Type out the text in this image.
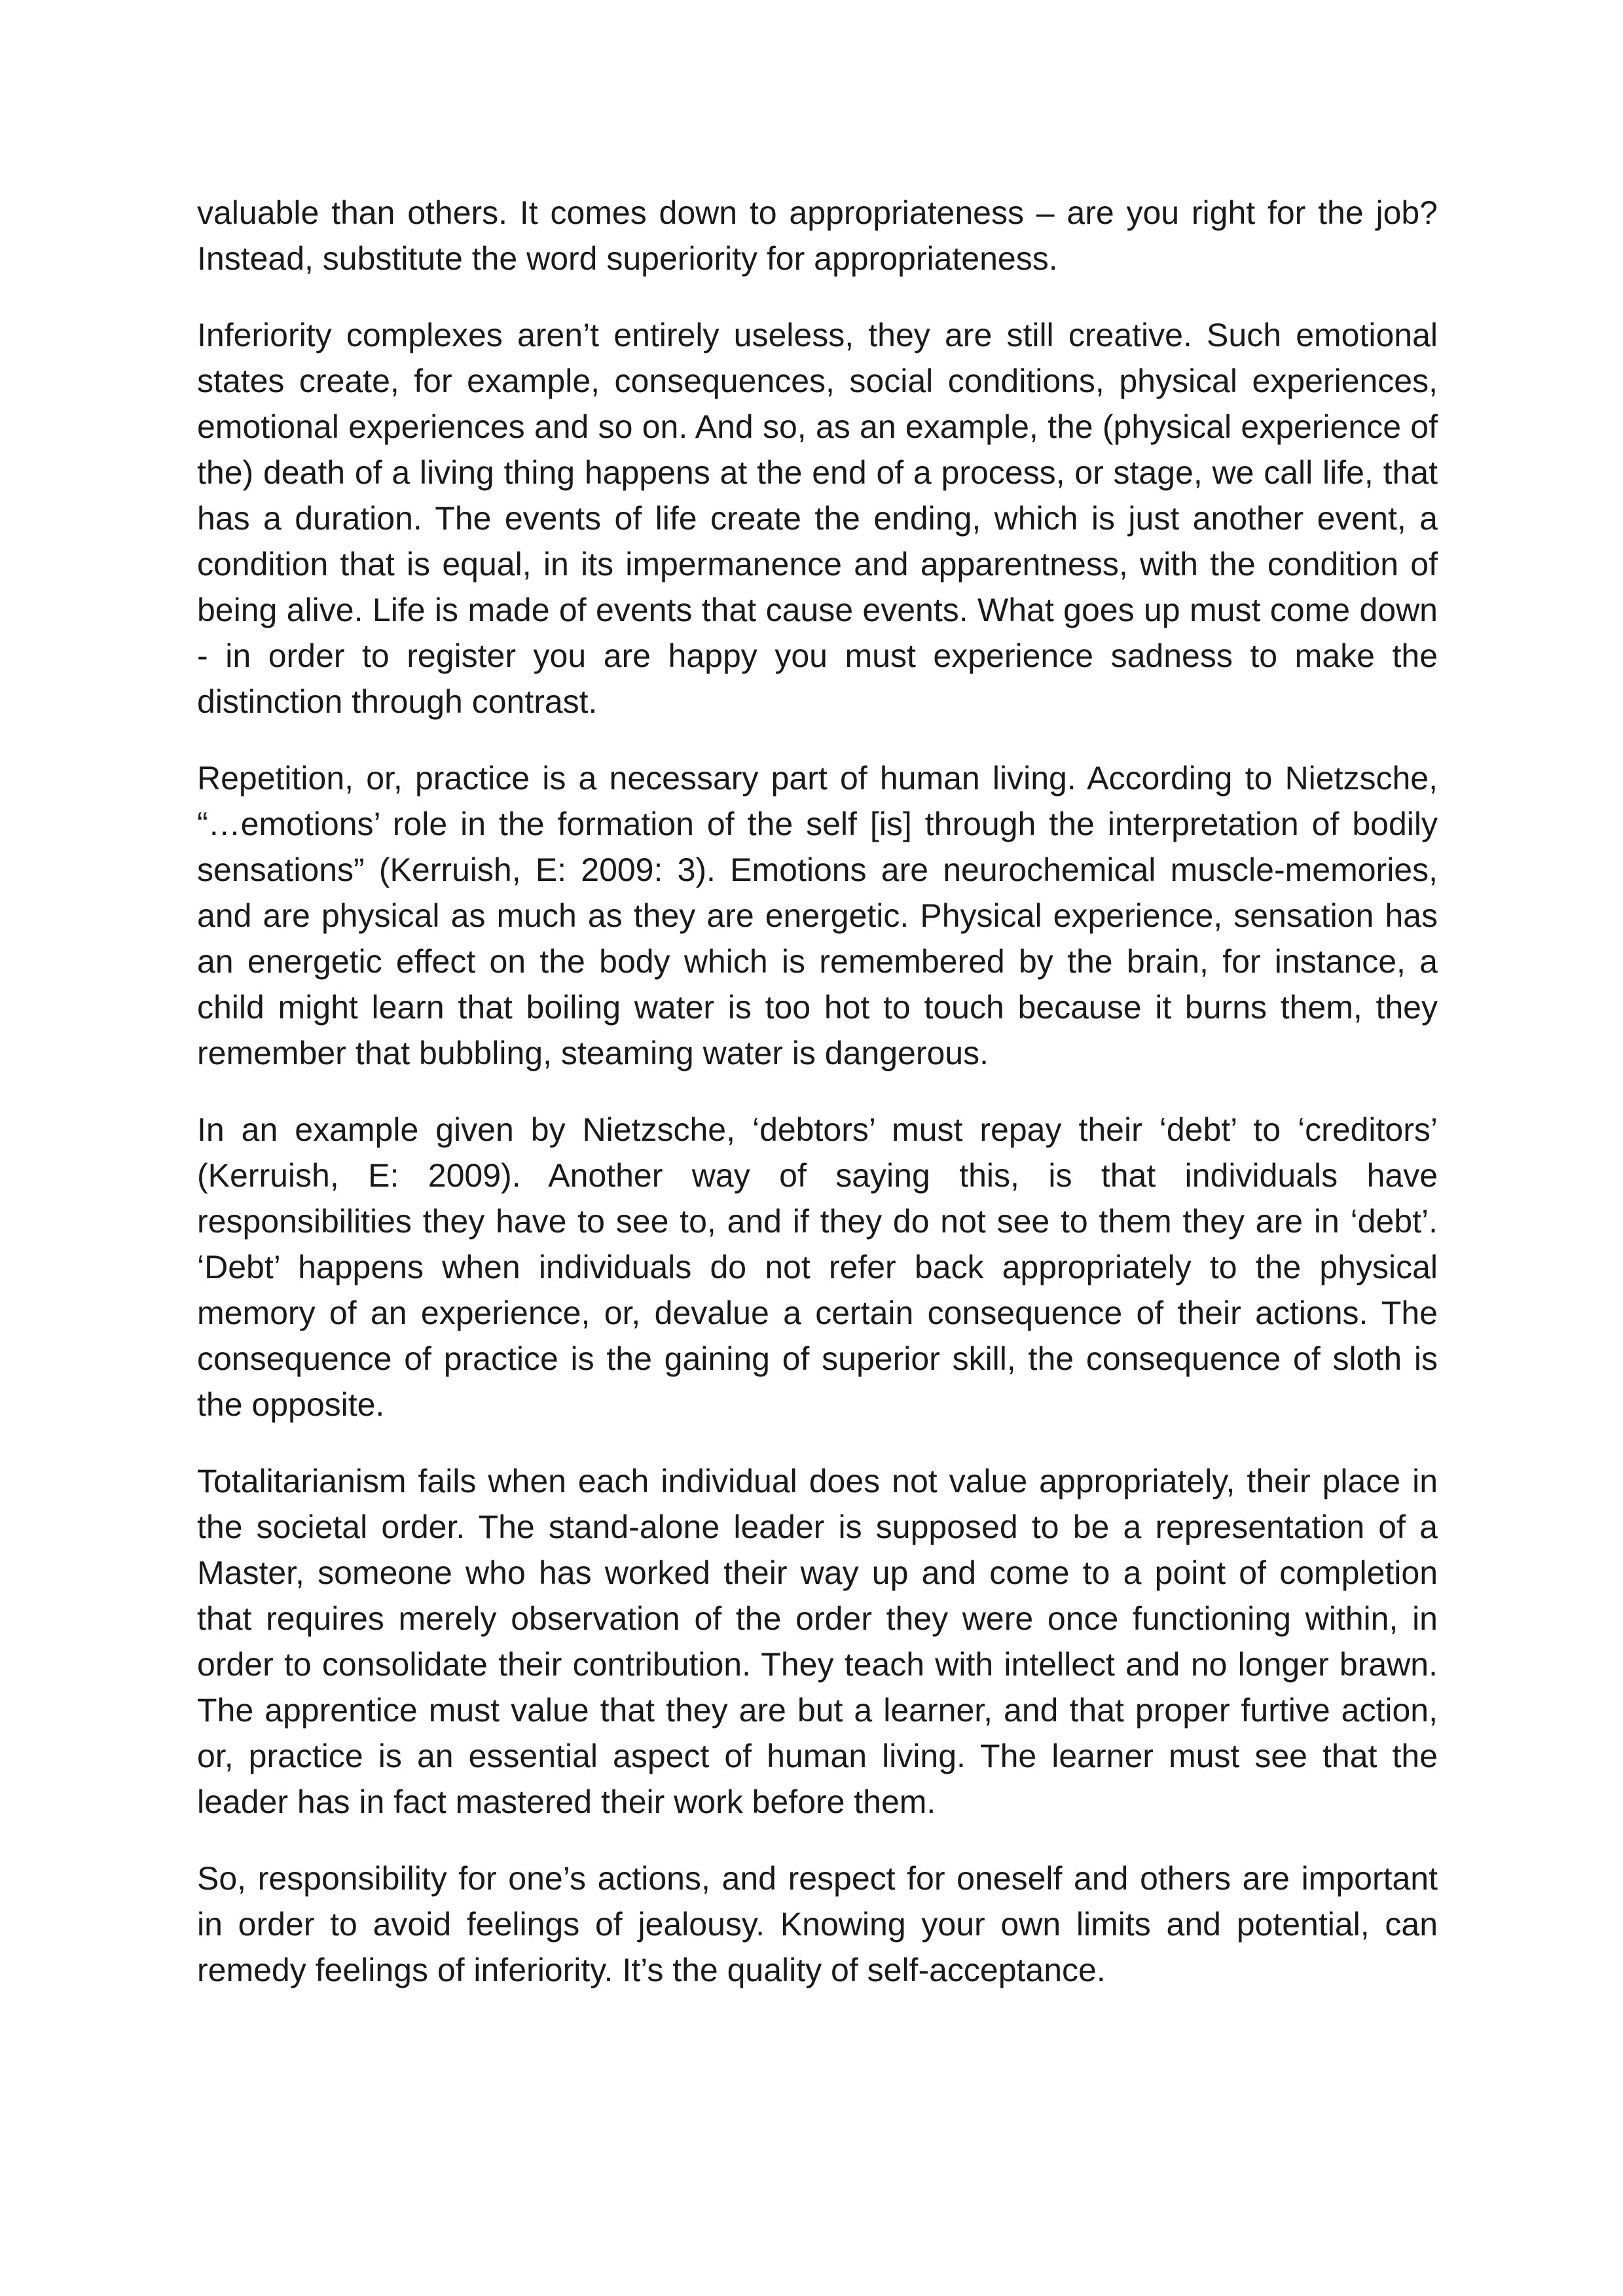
valuable than others. It comes down to appropriateness – are you right for the job? Instead, substitute the word superiority for appropriateness.

Inferiority complexes aren’t entirely useless, they are still creative. Such emotional states create, for example, consequences, social conditions, physical experiences, emotional experiences and so on. And so, as an example, the (physical experience of the) death of a living thing happens at the end of a process, or stage, we call life, that has a duration. The events of life create the ending, which is just another event, a condition that is equal, in its impermanence and apparentness, with the condition of being alive. Life is made of events that cause events. What goes up must come down - in order to register you are happy you must experience sadness to make the distinction through contrast.

Repetition, or, practice is a necessary part of human living. According to Nietzsche, “…emotions’ role in the formation of the self [is] through the interpretation of bodily sensations” (Kerruish, E: 2009: 3). Emotions are neurochemical muscle-memories, and are physical as much as they are energetic. Physical experience, sensation has an energetic effect on the body which is remembered by the brain, for instance, a child might learn that boiling water is too hot to touch because it burns them, they remember that bubbling, steaming water is dangerous.

In an example given by Nietzsche, ‘debtors’ must repay their ‘debt’ to ‘creditors’ (Kerruish, E: 2009). Another way of saying this, is that individuals have responsibilities they have to see to, and if they do not see to them they are in ‘debt’. ‘Debt’ happens when individuals do not refer back appropriately to the physical memory of an experience, or, devalue a certain consequence of their actions. The consequence of practice is the gaining of superior skill, the consequence of sloth is the opposite.

Totalitarianism fails when each individual does not value appropriately, their place in the societal order. The stand-alone leader is supposed to be a representation of a Master, someone who has worked their way up and come to a point of completion that requires merely observation of the order they were once functioning within, in order to consolidate their contribution. They teach with intellect and no longer brawn. The apprentice must value that they are but a learner, and that proper furtive action, or, practice is an essential aspect of human living. The learner must see that the leader has in fact mastered their work before them.

So, responsibility for one’s actions, and respect for oneself and others are important in order to avoid feelings of jealousy. Knowing your own limits and potential, can remedy feelings of inferiority. It’s the quality of self-acceptance.
